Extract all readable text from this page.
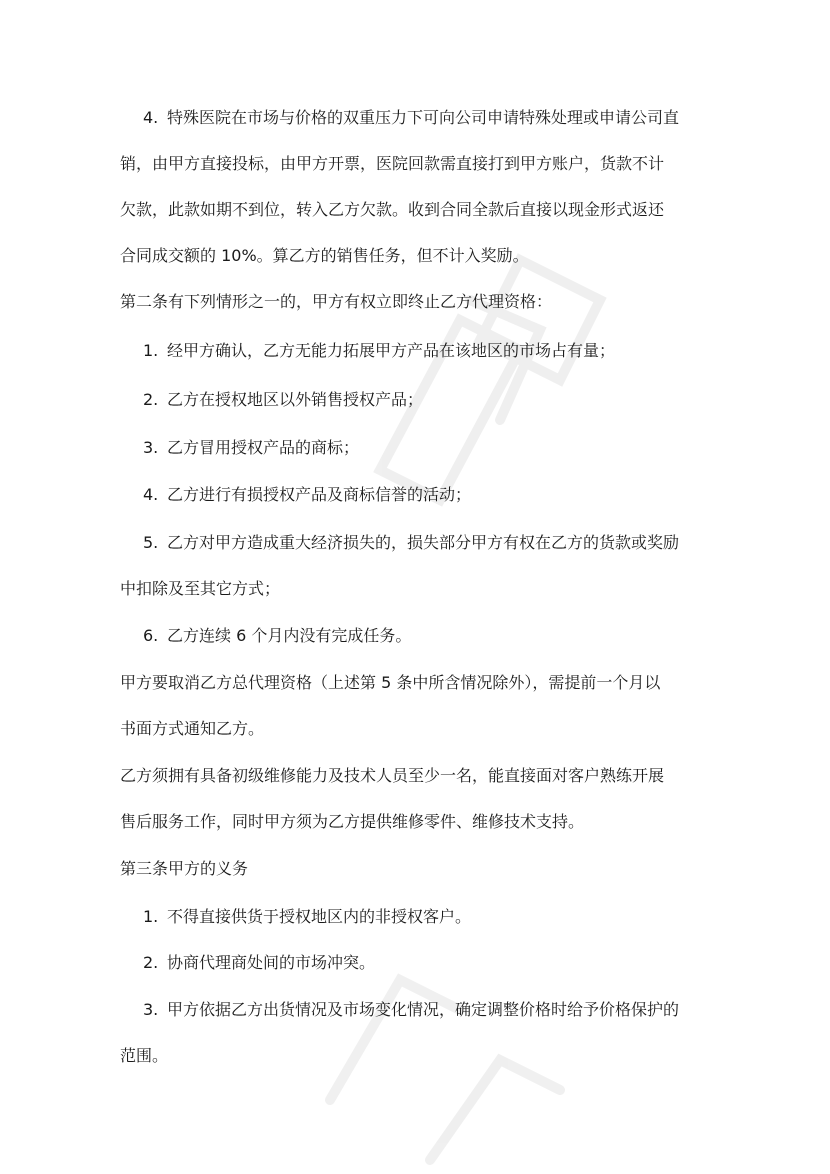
4. 特殊医院在市场与价格的双重压力下可向公司申请特殊处理或申请公司直

销，由甲方直接投标，由甲方开票，医院回款需直接打到甲方账户，货款不计

欠款，此款如期不到位，转入乙方欠款。收到合同全款后直接以现金形式返还

合同成交额的 10%。算乙方的销售任务，但不计入奖励。

第二条有下列情形之一的，甲方有权立即终止乙方代理资格：

1. 经甲方确认，乙方无能力拓展甲方产品在该地区的市场占有量；

2. 乙方在授权地区以外销售授权产品；

3. 乙方冒用授权产品的商标；

4. 乙方进行有损授权产品及商标信誉的活动；

5. 乙方对甲方造成重大经济损失的，损失部分甲方有权在乙方的货款或奖励

中扣除及至其它方式；

6. 乙方连续 6 个月内没有完成任务。

甲方要取消乙方总代理资格（上述第 5 条中所含情况除外），需提前一个月以

书面方式通知乙方。

乙方须拥有具备初级维修能力及技术人员至少一名，能直接面对客户熟练开展

售后服务工作，同时甲方须为乙方提供维修零件、维修技术支持。

第三条甲方的义务

1. 不得直接供货于授权地区内的非授权客户。

2. 协商代理商处间的市场冲突。

3. 甲方依据乙方出货情况及市场变化情况，确定调整价格时给予价格保护的

范围。
